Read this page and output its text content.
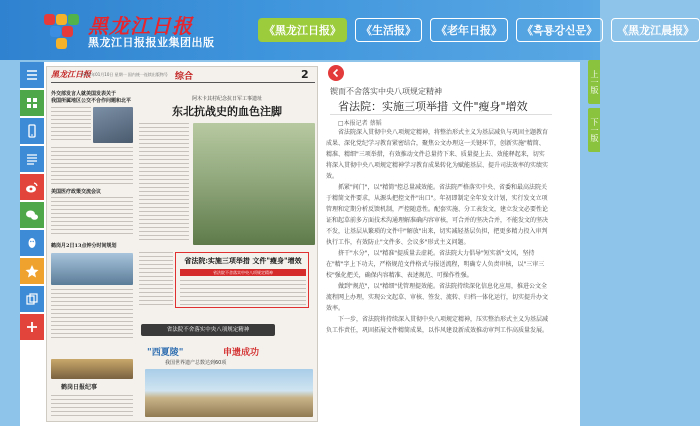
黑龙江日报
黑龙江日报报业集团出版
《黑龙江日报》	《生活报》	《老年日报》	《흑룡강신문》	《黑龙江晨报》
黑龙江日报
2022年01月10日 星期一 国内统一连续出版物号 综合	2
外交部发言人就美国发表关于
我国所属地区公交不合作问题和北平
美国医疗政策交流会议
鹤岗月2日13点钟分时间规划
鹤岗日报纪事
阿木卡其村纪念抗日军工事遗址
东北抗战史的血色注脚
省法院:实施三项举措 文件"瘦身"增效
省法院不舍落实中央八项规定精神
省法院不舍落实中央八项规定精神
"西夏陵"	申遗成功
我国世界遗产总数达到60项
锲而不舍落实中央八项规定精神
省法院：实施三项举措 文件"瘦身"增效
□本报记者 蔡韬

省法院深入贯彻中央八项规定精神，将整治形式主义为基层减负与巩固主题教育成果、深化党纪学习教育紧密结合，聚焦公文办理这一关键环节，创新实施"精简、精准、精细"三项举措，有效推动文件总量持下来、质量提上去、效能释起来，切实将深入贯彻中央八项规定精神学习教育成果转化为赋能基层、提升司法效率的实绩实效。

抓紧"间门"，以"精简"控总量减效能。省法院严格落实中央、省委和最高法院关于精简文件要求，从源头把控文件"出口"。年初即制定全年发文计划，实行发文立项管理和定期分析反馈机制，严控随意性。配套实施、分工表发文，建立发文必要性论证和起草前多方面技术沟通理解准确内容审核，可合并的坚决合并，不能发文的坚决不发，让基层从繁琐的文件中"解放"出来，切实减轻基层负担，把更多精力投入审判执行工作，有效防止"文件多、会议多"形式主义问题。

挤干"水分"，以"精准"提质量去虚耗。省法院大力倡导"短实新"文风，坚持在"精"字上下功夫，严格规范文件格式与报送流程，明确专人负责审核，以"三审三校"强化把关，确保内容精准、表述规范、可操作性强。

做到"规范"，以"精细"优管理提效能。省法院持续深化信息化应用，推进公文全流程网上办理，实现公文起草、审核、签发、流转、归档一体化运行，切实提升办文效率。

下一步，省法院将持续深入贯彻中央八项规定精神，压实整治形式主义为基层减负工作责任，巩固拓展文件精简成果，以作风建设新成效推动审判工作高质量发展。

上一版
下一版
